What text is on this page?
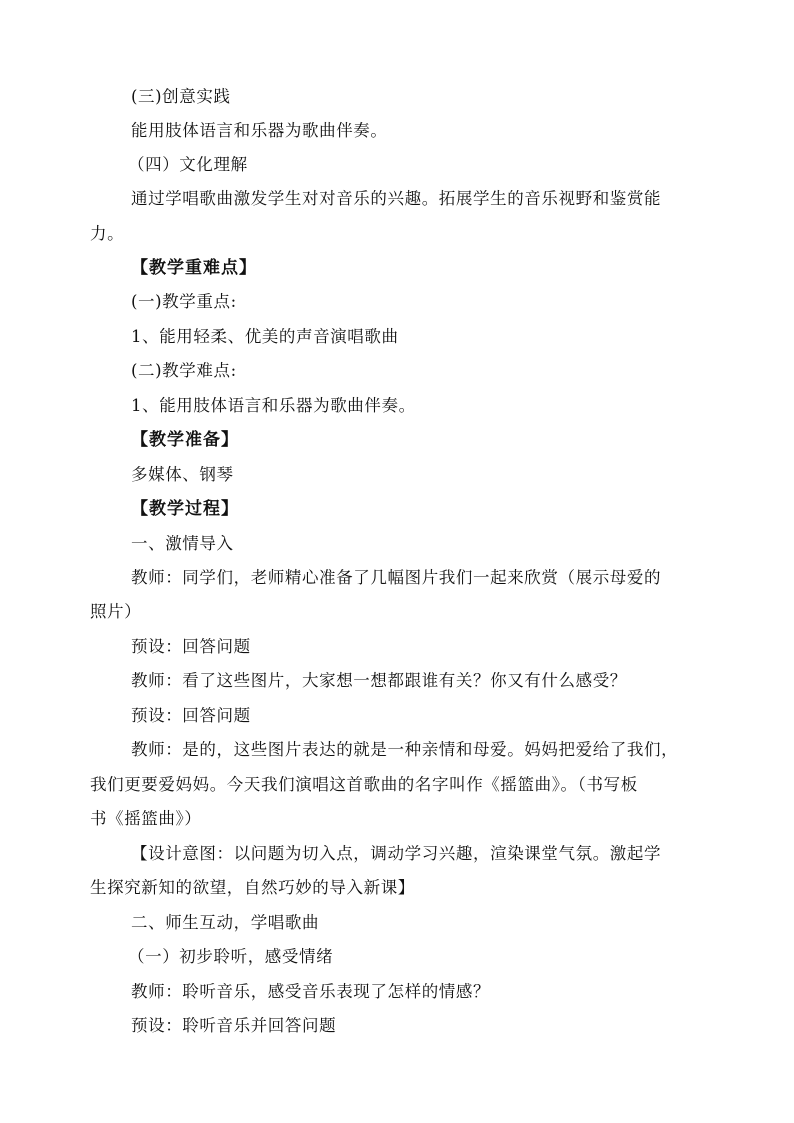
(三)创意实践
能用肢体语言和乐器为歌曲伴奏。
（四）文化理解
通过学唱歌曲激发学生对对音乐的兴趣。拓展学生的音乐视野和鉴赏能
力。
【教学重难点】
(一)教学重点:
1、能用轻柔、优美的声音演唱歌曲
(二)教学难点:
1、能用肢体语言和乐器为歌曲伴奏。
【教学准备】
多媒体、钢琴
【教学过程】
一、激情导入
教师：同学们，老师精心准备了几幅图片我们一起来欣赏（展示母爱的
照片）
预设：回答问题
教师：看了这些图片，大家想一想都跟谁有关？你又有什么感受？
预设：回答问题
教师：是的，这些图片表达的就是一种亲情和母爱。妈妈把爱给了我们，
我们更要爱妈妈。今天我们演唱这首歌曲的名字叫作《摇篮曲》。（书写板
书《摇篮曲》）
【设计意图：以问题为切入点，调动学习兴趣，渲染课堂气氛。激起学
生探究新知的欲望，自然巧妙的导入新课】
二、师生互动，学唱歌曲
（一）初步聆听，感受情绪
教师：聆听音乐，感受音乐表现了怎样的情感？
预设：聆听音乐并回答问题
